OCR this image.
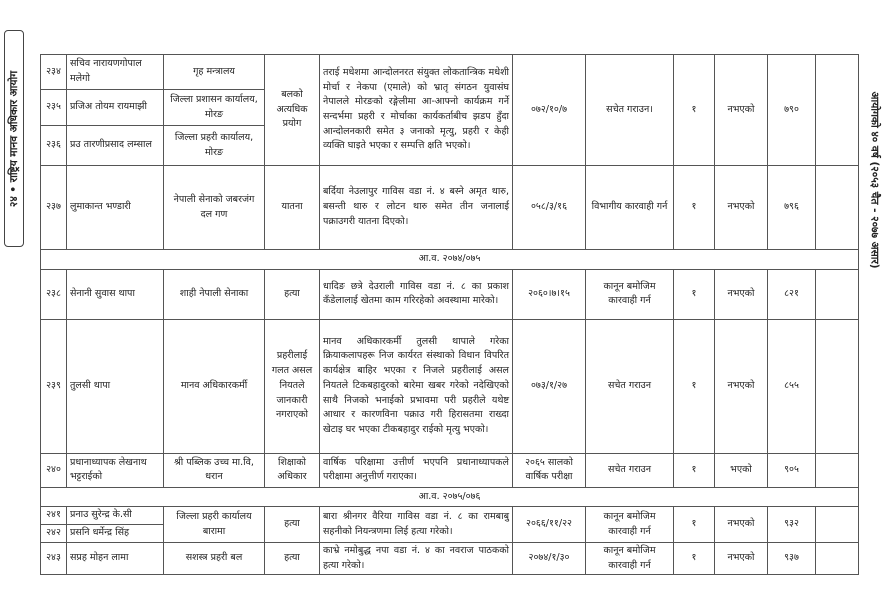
२४ • राष्ट्रिय मानव अधिकार आयोग	आयोगको ४० वर्ष (२०५३ चैत - २०७७ असार)
२३४	सचिव नारायणगोपाल मलेगो	गृह मन्त्रालय	बलको अत्यधिक प्रयोग	तराई मधेशमा आन्दोलनरत संयुक्त लोकतान्त्रिक मधेशी मोर्चा र नेकपा (एमाले) को भ्रातृ संगठन युवासंघ नेपालले मोरङको रङ्गेलीमा आ-आफ्नो कार्यक्रम गर्ने सन्दर्भमा प्रहरी र मोर्चाका कार्यकर्ताबीच झडप हुँदा आन्दोलनकारी समेत ३ जनाको मृत्यु, प्रहरी र केही व्यक्ति घाइते भएका र सम्पत्ति क्षति भएको।	०७२/१०/७	सचेत गराउन।	१	नभएको	७९०	
२३५	प्रजिअ तोयम रायमाझी	जिल्ला प्रशासन कार्यालय, मोरङ								
२३६	प्रउ तारणीप्रसाद लम्साल	जिल्ला प्रहरी कार्यालय, मोरङ								
२३७	लुमाकान्त भण्डारी	नेपाली सेनाको जबरजंग दल गण	यातना	बर्दिया नेउलापुर गाविस वडा नं. ४ बस्ने अमृत थारु, बसन्ती थारु र लोटन थारु समेत तीन जनालाई पक्राउगरी यातना दिएको।	०५८/३/१६	विभागीय कारवाही गर्न	१	नभएको	७९६	
आ.व. २०७४/०७५										
२३८	सेनानी सुवास थापा	शाही नेपाली सेनाका	हत्या	धादिङ छत्रे देउराली गाविस वडा नं. ८ का प्रकाश कँडेलालाई खेतमा काम गरिरहेको अवस्थामा मारेको।	२०६०।७।१५	कानून बमोजिम कारवाही गर्न	१	नभएको	८२१	
२३९	तुलसी थापा	मानव अधिकारकर्मी	प्रहरीलाई गलत असल नियतले जानकारी नगराएको	मानव अधिकारकर्मी तुलसी थापाले गरेका क्रियाकलापहरू निज कार्यरत संस्थाको विधान विपरित कार्यक्षेत्र बाहिर भएका र निजले प्रहरीलाई असल नियतले टिकबहादुरको बारेमा खबर गरेको नदेखिएको साथै निजको भनाईको प्रभावमा परी प्रहरीले यथेष्ट आधार र कारणविना पक्राउ गरी हिरासतमा राख्दा खेटाइ घर भएका टीकबहादुर राईको मृत्यु भएको।	०७३/१/२७	सचेत गराउन	१	नभएको	८५५	
२४०	प्रधानाध्यापक लेखनाथ भट्टराईको	श्री पब्लिक उच्च मा.वि, धरान	शिक्षाको अधिकार	वार्षिक परिक्षामा उत्तीर्ण भएपनि प्रधानाध्यापकले परीक्षामा अनुत्तीर्ण गराएका।	२०६५ सालको वार्षिक परीक्षा	सचेत गराउन	१	भएको	९०५	
आ.व. २०७५/०७६										
२४१	प्रनाउ सुरेन्द्र के.सी	जिल्ला प्रहरी कार्यालय बारामा	हत्या	बारा श्रीनगर वैरिया गाविस वडा नं. ८ का रामबाबु सहनीको नियन्त्रणमा लिई हत्या गरेको।	२०६६/११/२२	कानून बमोजिम कारवाही गर्न	१	नभएको	९३२	
२४२	प्रसनि धर्मेन्द्र सिंह									
२४३	सप्रह मोहन लामा	सशस्त्र प्रहरी बल	हत्या	काभ्रे नमोबुद्ध नपा वडा नं. ४ का नवराज पाठकको हत्या गरेको।	२०७४/१/३०	कानून बमोजिम कारवाही गर्न	१	नभएको	९३७	
